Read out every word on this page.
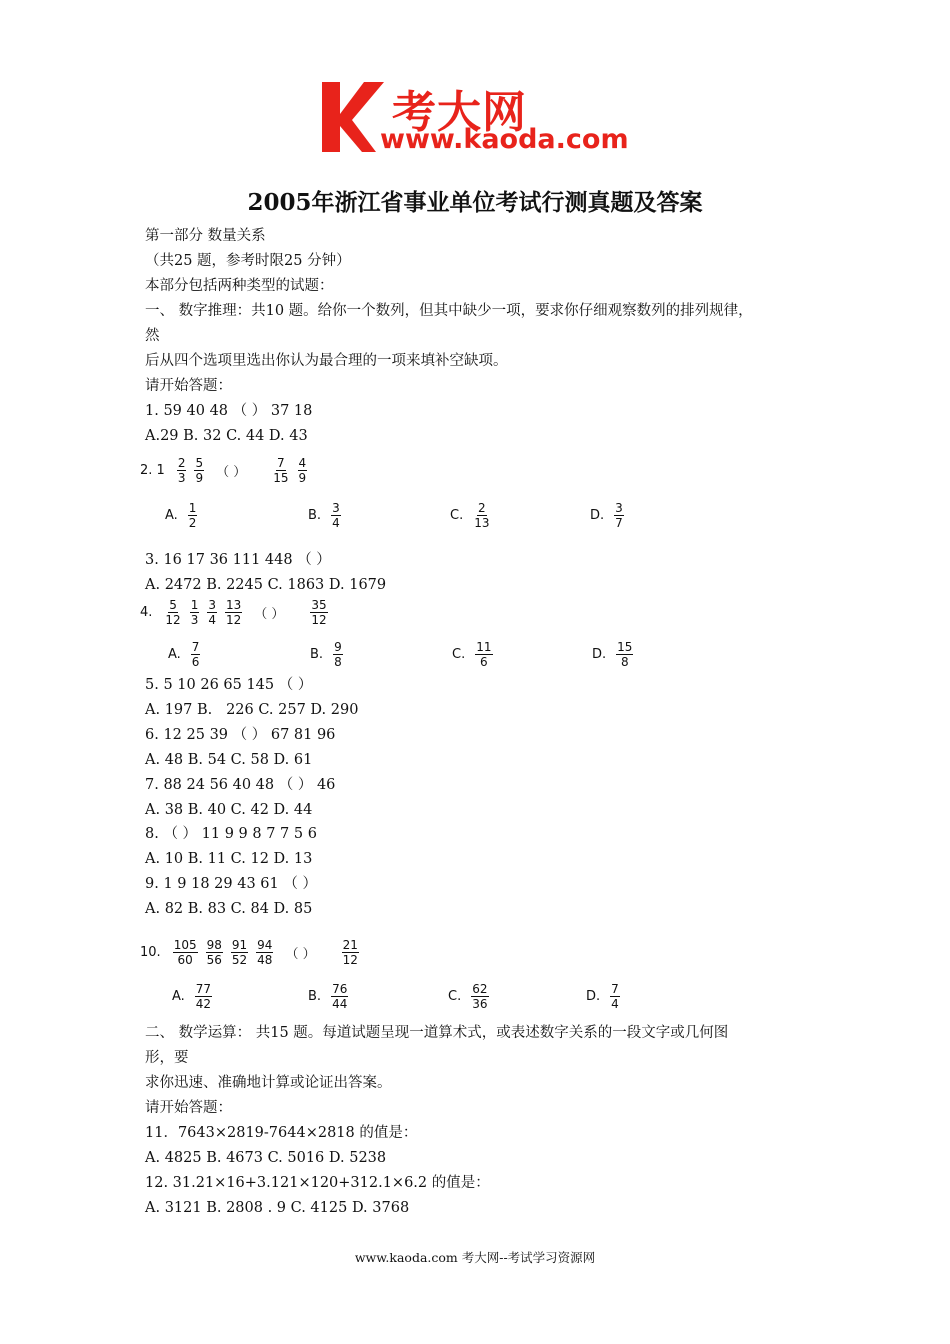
考大网
www.kaoda.com
2005年浙江省事业单位考试行测真题及答案
第一部分 数量关系
（共25 题，参考时限25 分钟）
本部分包括两种类型的试题：
一、 数字推理：共10 题。给你一个数列，但其中缺少一项，要求你仔细观察数列的排列规律，
然
后从四个选项里选出你认为最合理的一项来填补空缺项。
请开始答题：
1. 59 40 48 （ ） 37 18
A.29 B. 32 C. 44 D. 43
2. $1 \frac{2}{3} \frac{5}{9}$ （ ） $\frac{7}{15} \frac{4}{9}$
A. $\frac{1}{2}$	B. $\frac{3}{4}$	C. $\frac{2}{13}$	D. $\frac{3}{7}$
3. 16 17 36 111 448 （ ）
A. 2472 B. 2245 C. 1863 D. 1679
4. $\frac{5}{12} \frac{1}{3} \frac{3}{4} \frac{13}{12}$ （ ） $\frac{35}{12}$
A. $\frac{7}{6}$	B. $\frac{9}{8}$	C. $\frac{11}{6}$	D. $\frac{15}{8}$
5. 5 10 26 65 145 （ ）
A. 197 B.   226 C. 257 D. 290
6. 12 25 39 （ ） 67 81 96
A. 48 B. 54 C. 58 D. 61
7. 88 24 56 40 48 （ ） 46
A. 38 B. 40 C. 42 D. 44
8. （ ） 11 9 9 8 7 7 5 6
A. 10 B. 11 C. 12 D. 13
9. 1 9 18 29 43 61 （ ）
A. 82 B. 83 C. 84 D. 85
10. $\frac{105}{60} \frac{98}{56} \frac{91}{52} \frac{94}{48}$ （ ） $\frac{21}{12}$
A. $\frac{77}{42}$	B. $\frac{76}{44}$	C. $\frac{62}{36}$	D. $\frac{7}{4}$
二、 数学运算： 共15 题。每道试题呈现一道算术式，或表述数字关系的一段文字或几何图
形，要
求你迅速、准确地计算或论证出答案。
请开始答题：
11．7643×2819-7644×2818 的值是：
A. 4825 B. 4673 C. 5016 D. 5238
12. 31.21×16+3.121×120+312.1×6.2 的值是：
A. 3121 B. 2808 . 9 C. 4125 D. 3768
www.kaoda.com 考大网--考试学习资源网
